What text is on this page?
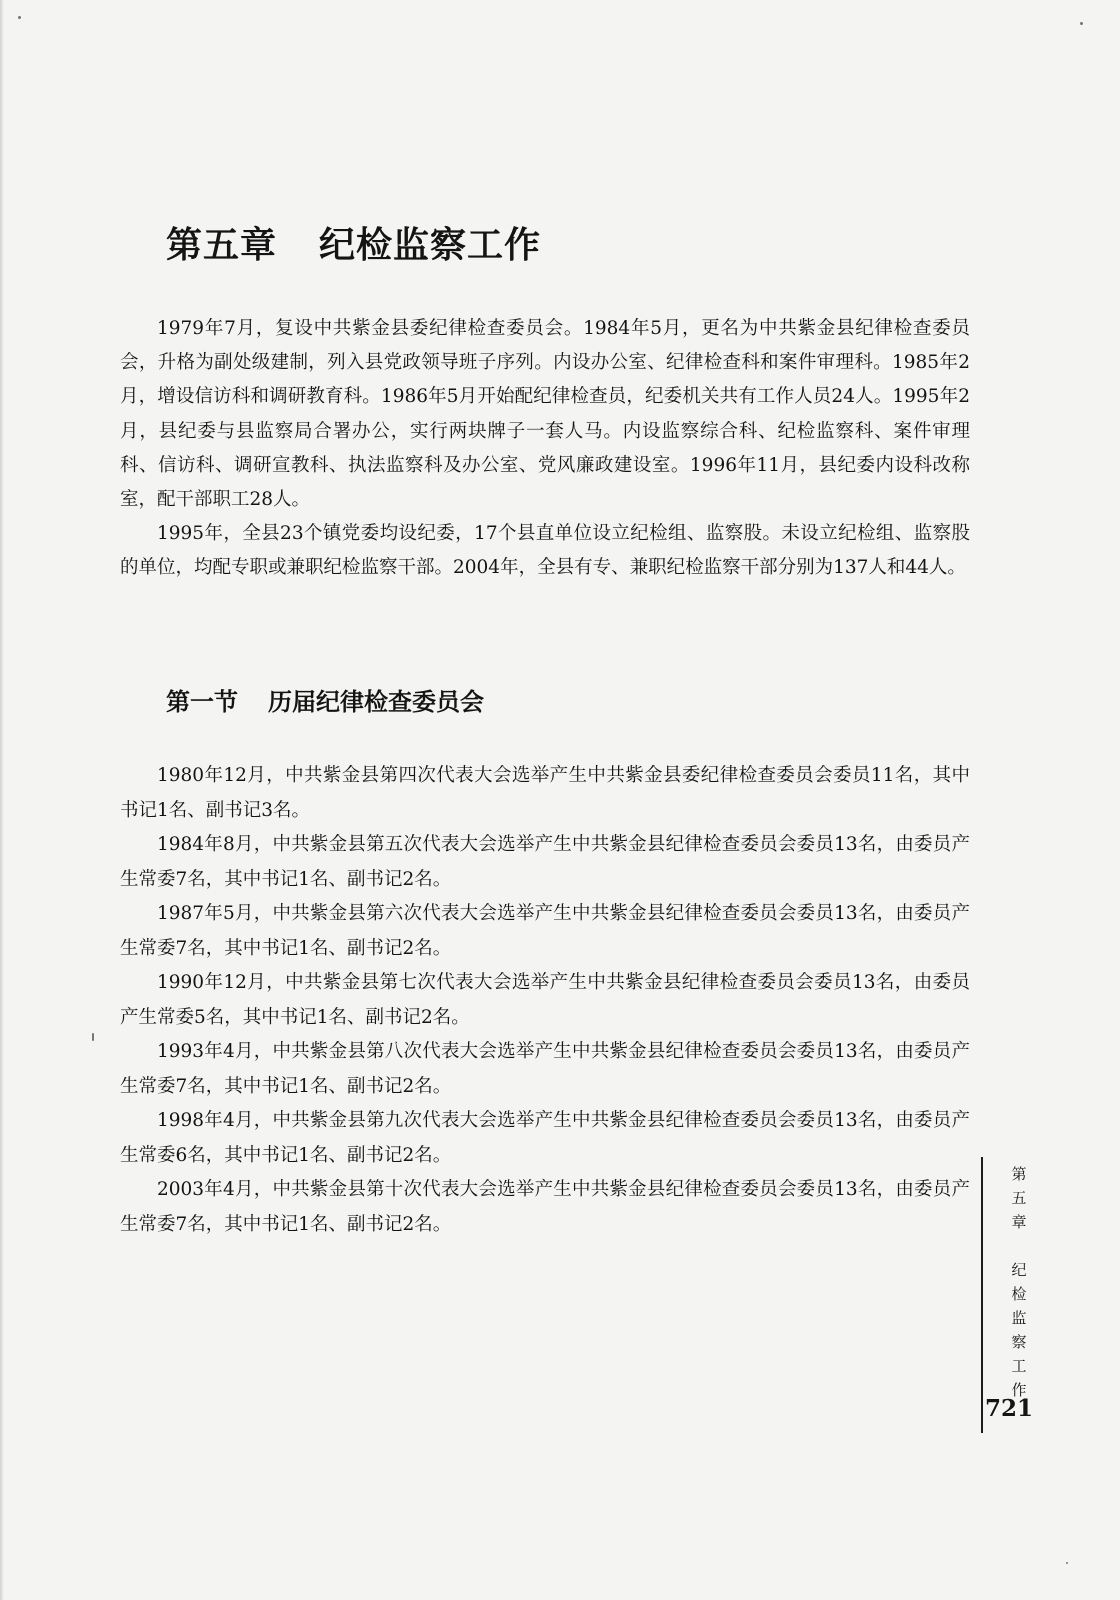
第五章 纪检监察工作

1979年7月，复设中共紫金县委纪律检查委员会。1984年5月，更名为中共紫金县纪律检查委员会，升格为副处级建制，列入县党政领导班子序列。内设办公室、纪律检查科和案件审理科。1985年2月，增设信访科和调研教育科。1986年5月开始配纪律检查员，纪委机关共有工作人员24人。1995年2月，县纪委与县监察局合署办公，实行两块牌子一套人马。内设监察综合科、纪检监察科、案件审理科、信访科、调研宣教科、执法监察科及办公室、党风廉政建设室。1996年11月，县纪委内设科改称室，配干部职工28人。

1995年，全县23个镇党委均设纪委，17个县直单位设立纪检组、监察股。未设立纪检组、监察股的单位，均配专职或兼职纪检监察干部。2004年，全县有专、兼职纪检监察干部分别为137人和44人。

第一节 历届纪律检查委员会

1980年12月，中共紫金县第四次代表大会选举产生中共紫金县委纪律检查委员会委员11名，其中书记1名、副书记3名。

1984年8月，中共紫金县第五次代表大会选举产生中共紫金县纪律检查委员会委员13名，由委员产生常委7名，其中书记1名、副书记2名。

1987年5月，中共紫金县第六次代表大会选举产生中共紫金县纪律检查委员会委员13名，由委员产生常委7名，其中书记1名、副书记2名。

1990年12月，中共紫金县第七次代表大会选举产生中共紫金县纪律检查委员会委员13名，由委员产生常委5名，其中书记1名、副书记2名。

1993年4月，中共紫金县第八次代表大会选举产生中共紫金县纪律检查委员会委员13名，由委员产生常委7名，其中书记1名、副书记2名。

1998年4月，中共紫金县第九次代表大会选举产生中共紫金县纪律检查委员会委员13名，由委员产生常委6名，其中书记1名、副书记2名。

2003年4月，中共紫金县第十次代表大会选举产生中共紫金县纪律检查委员会委员13名，由委员产生常委7名，其中书记1名、副书记2名。

第
五
章
纪
检
监
察
工
作
721
